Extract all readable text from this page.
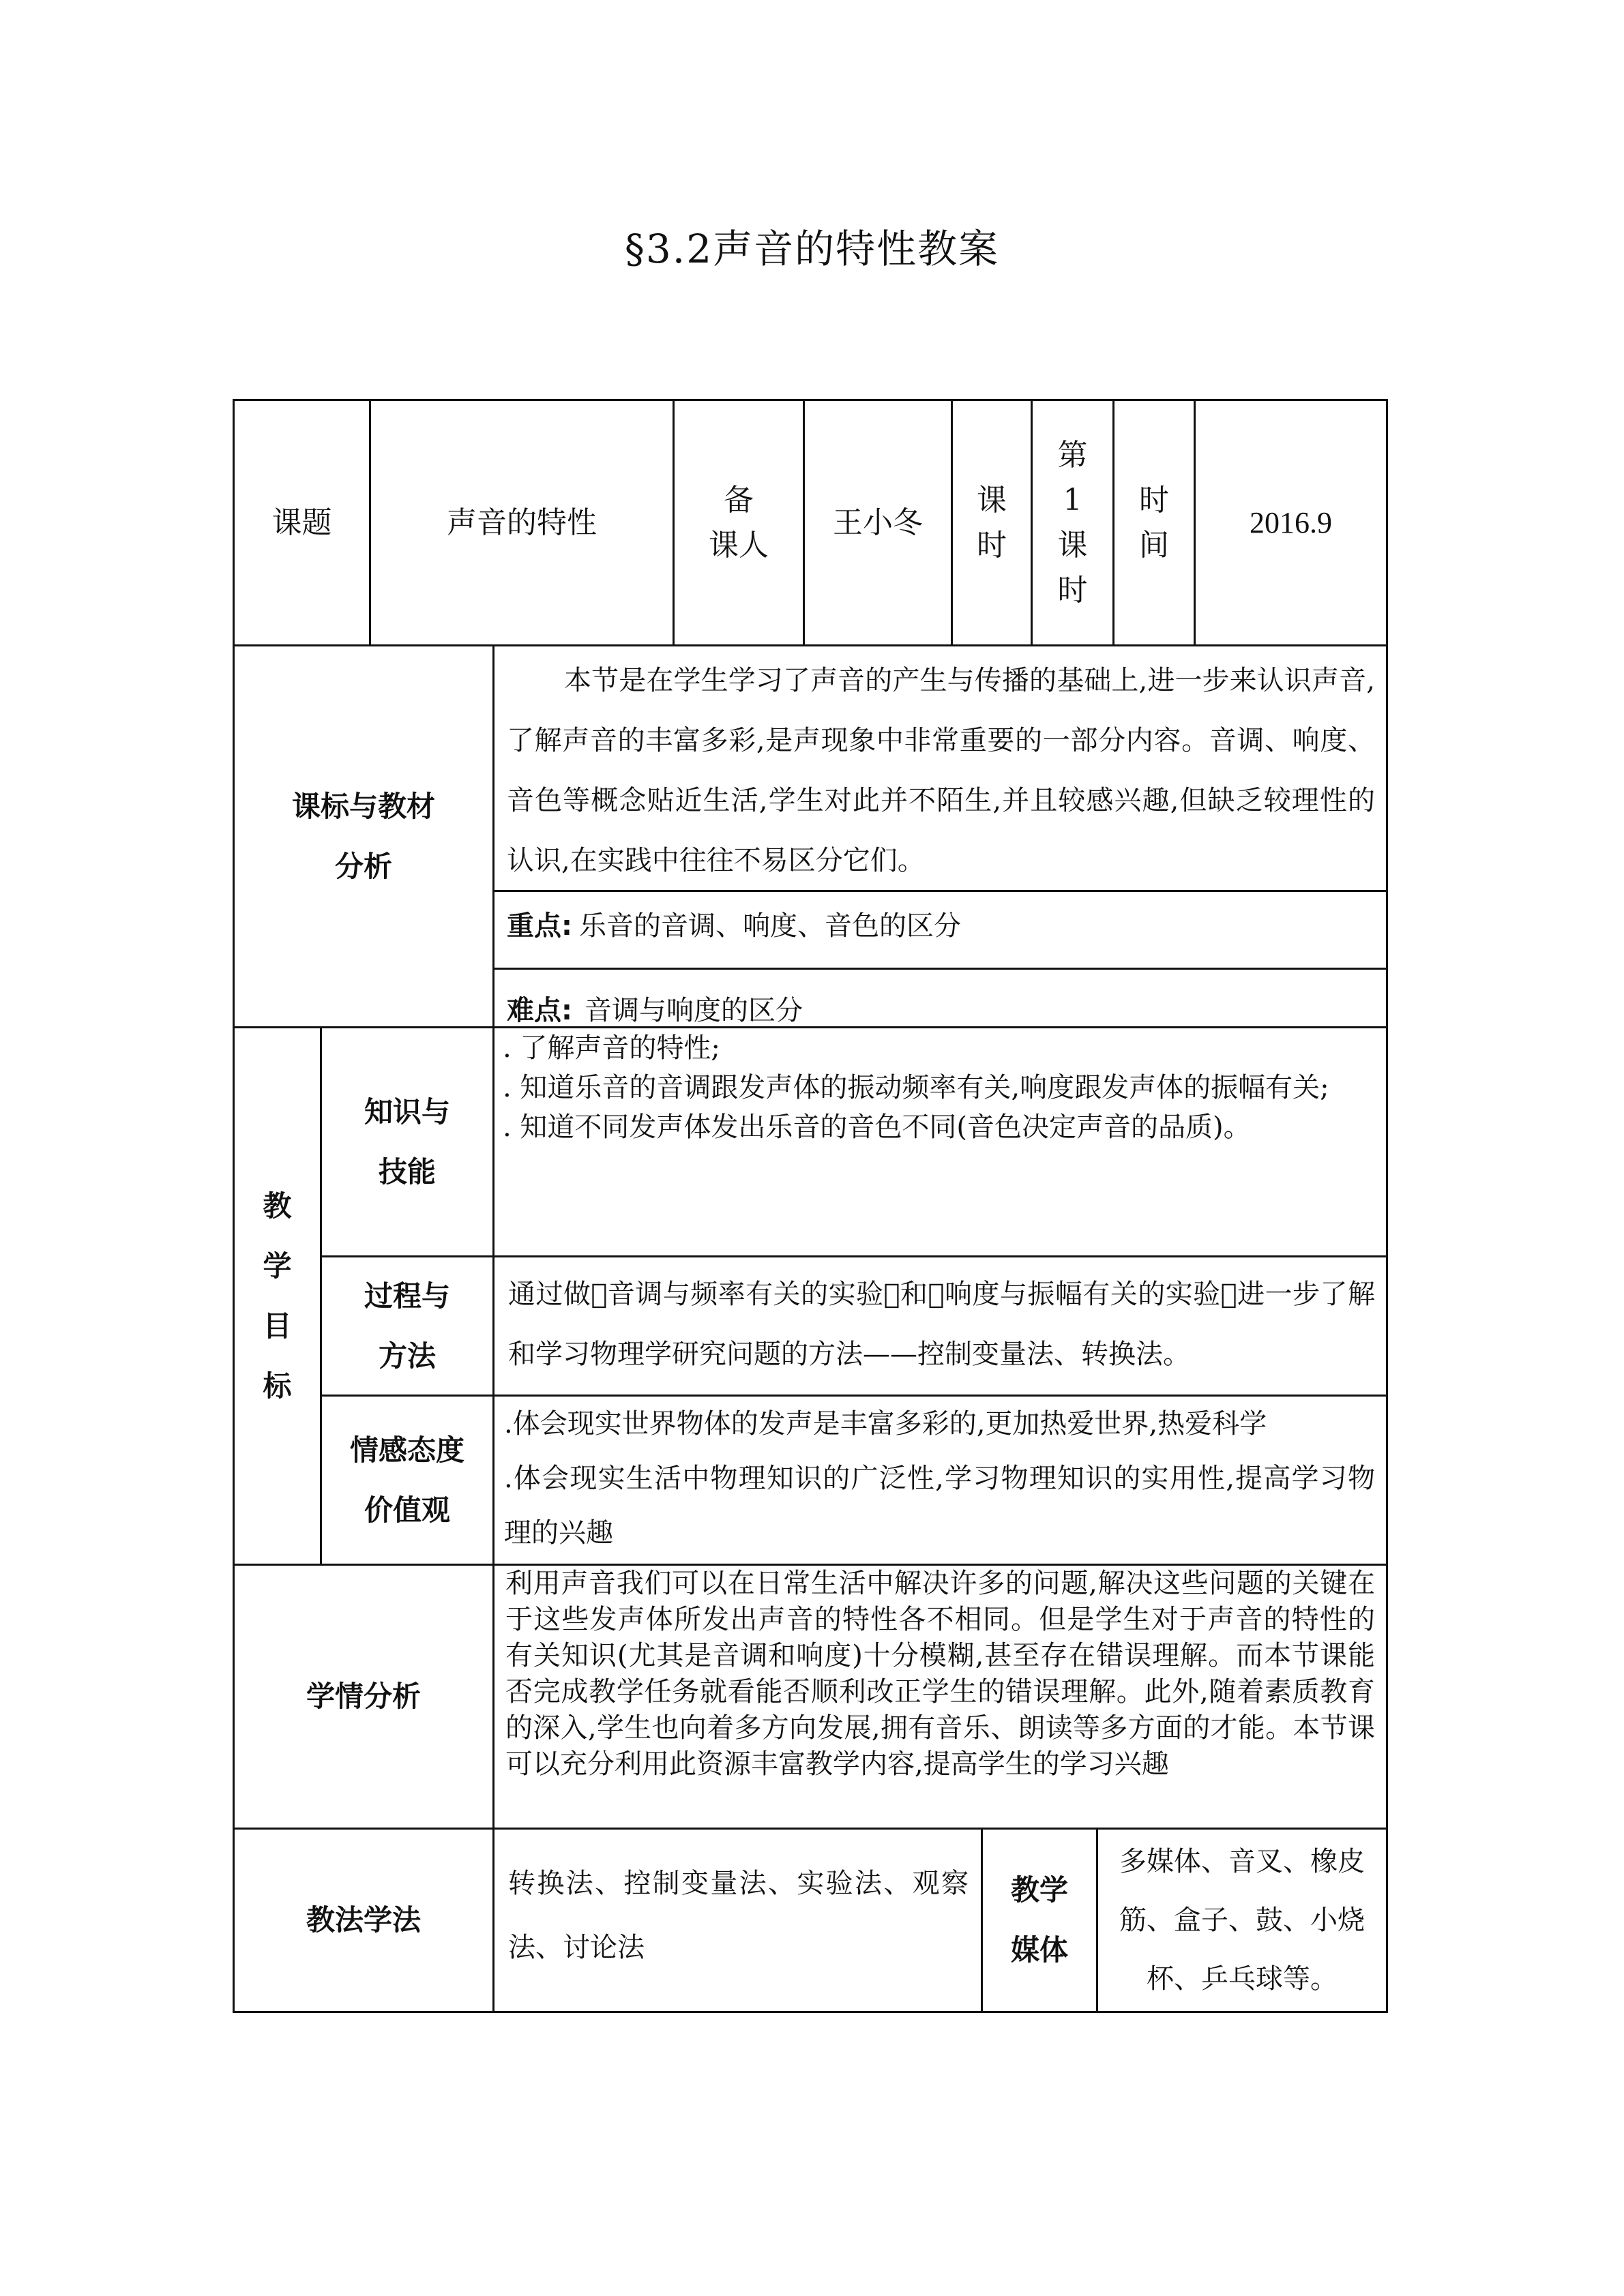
§3.2声音的特性教案
课题	声音的特性
备
课人
王小冬
课
时
第
1
课
时
时
间
2016.9
课标与教材
分析
本节是在学生学习了声音的产生与传播的基础上,进一步来认识声音,了解声音的丰富多彩,是声现象中非常重要的一部分内容。音调、响度、音色等概念贴近生活,学生对此并不陌生,并且较感兴趣,但缺乏较理性的认识,在实践中往往不易区分它们。
重点: 乐音的音调、响度、音色的区分
难点: 音调与响度的区分
教
学
目
标
知识与
技能
. 了解声音的特性;
. 知道乐音的音调跟发声体的振动频率有关,响度跟发声体的振幅有关;
. 知道不同发声体发出乐音的音色不同(音色决定声音的品质)。
过程与
方法
通过做 音调与频率有关的实验 和 响度与振幅有关的实验 进一步了解和学习物理学研究问题的方法——控制变量法、转换法。
情感态度
价值观
.体会现实世界物体的发声是丰富多彩的,更加热爱世界,热爱科学
.体会现实生活中物理知识的广泛性,学习物理知识的实用性,提高学习物理的兴趣
学情分析
利用声音我们可以在日常生活中解决许多的问题,解决这些问题的关键在于这些发声体所发出声音的特性各不相同。但是学生对于声音的特性的有关知识(尤其是音调和响度)十分模糊,甚至存在错误理解。而本节课能否完成教学任务就看能否顺利改正学生的错误理解。此外,随着素质教育的深入,学生也向着多方向发展,拥有音乐、朗读等多方面的才能。本节课可以充分利用此资源丰富教学内容,提高学生的学习兴趣
教法学法
转换法、控制变量法、实验法、观察法、讨论法
教学
媒体
多媒体、音叉、橡皮筋、盒子、鼓、小烧杯、乒乓球等。
